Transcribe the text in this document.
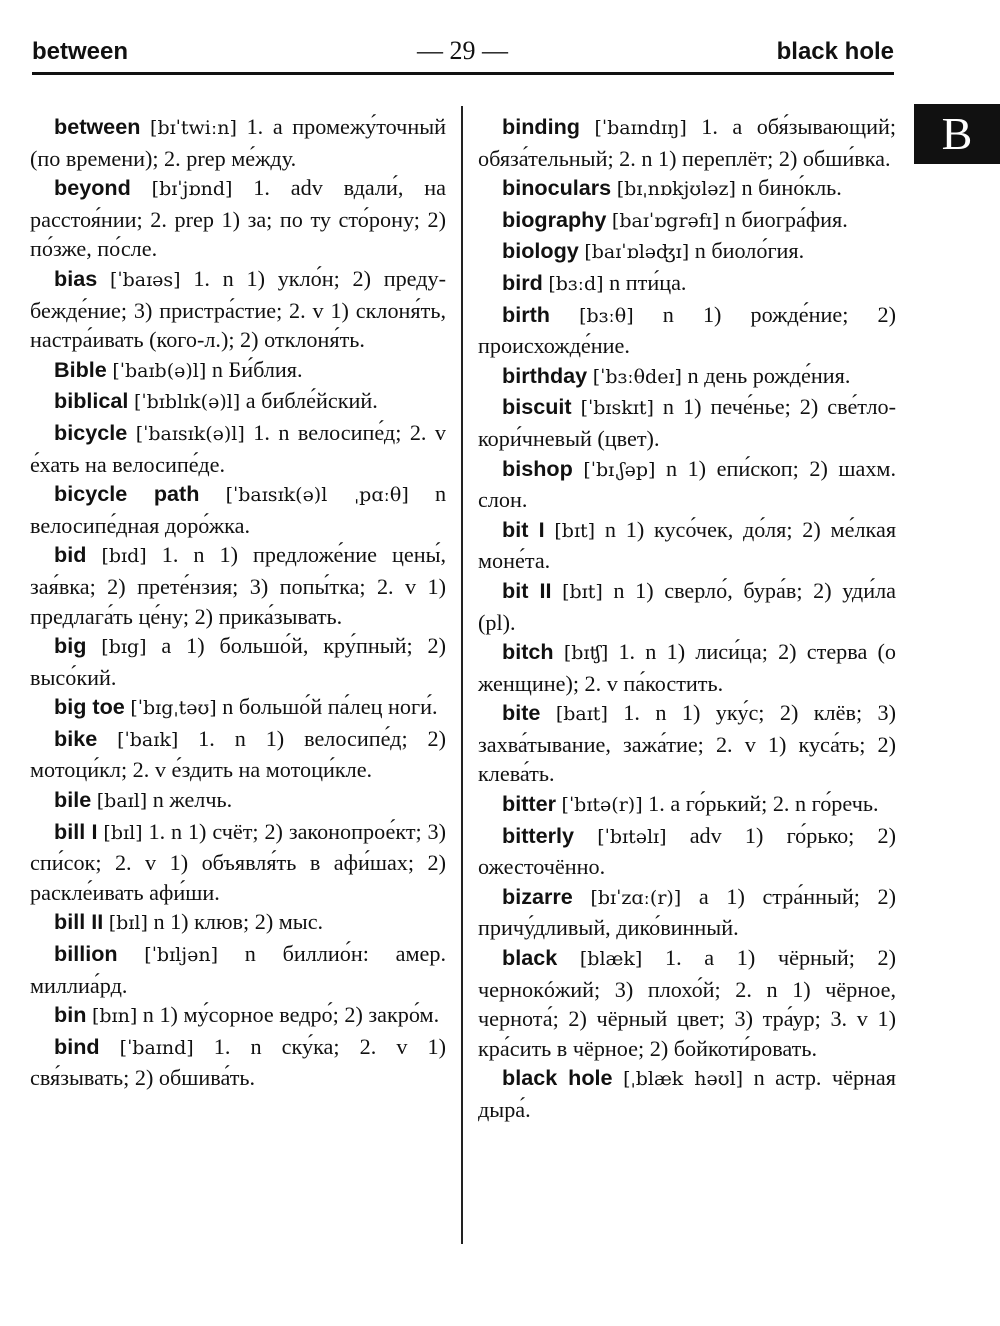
between	— 29 —	black hole
B

between [bɪˈtwiːn] 1. a промежу́точный (по времени); 2. prep ме́жду.

beyond [bɪˈjɒnd] 1. adv вдали́, на расстоя́нии; 2. prep 1) за; по ту сто́рону; 2) по́зже, по́сле.

bias [ˈbaɪəs] 1. n 1) укло́н; 2) предубежде́ние; 3) пристра́стие; 2. v 1) склоня́ть, настра́ивать (кого-л.); 2) отклоня́ть.

Bible [ˈbaɪb(ə)l] n Би́блия.

biblical [ˈbɪblɪk(ə)l] a библе́йский.

bicycle [ˈbaɪsɪk(ə)l] 1. n велосипе́д; 2. v е́хать на велосипе́де.

bicycle path [ˈbaɪsɪk(ə)l ˌpɑːθ] n велосипе́дная доро́жка.

bid [bɪd] 1. n 1) предложе́ние цены́, зая́вка; 2) прете́нзия; 3) попы́тка; 2. v 1) предлага́ть це́ну; 2) прика́зывать.

big [bɪg] a 1) большо́й, кру́пный; 2) высо́кий.

big toe [ˈbɪgˌtəʊ] n большо́й па́лец ноги́.

bike [ˈbaɪk] 1. n 1) велосипе́д; 2) мотоци́кл; 2. v е́здить на мотоци́кле.

bile [baɪl] n желчь.

bill I [bɪl] 1. n 1) счёт; 2) законопрое́кт; 3) спи́сок; 2. v 1) объявля́ть в афи́шах; 2) раскле́ивать афи́ши.

bill II [bɪl] n 1) клюв; 2) мыс.

billion [ˈbɪljən] n биллио́н: амер. миллиа́рд.

bin [bɪn] n 1) му́сорное ведро́; 2) закро́м.

bind [ˈbaɪnd] 1. n ску́ка; 2. v 1) свя́зывать; 2) обшива́ть.

binding [ˈbaɪndɪŋ] 1. a обя́зывающий; обяза́тельный; 2. n 1) переплёт; 2) обши́вка.

binoculars [bɪˌnɒkjʊləz] n бино́кль.

biography [baɪˈɒgrəfɪ] n биогра́фия.

biology [baɪˈɒləʤɪ] n биоло́гия.

bird [bɜːd] n пти́ца.

birth [bɜːθ] n 1) рожде́ние; 2) происхожде́ние.

birthday [ˈbɜːθdeɪ] n день рожде́ния.

biscuit [ˈbɪskɪt] n 1) пече́нье; 2) све́тло-кори́чневый (цвет).

bishop [ˈbɪˌʃəp] n 1) епи́скоп; 2) шахм. слон.

bit I [bɪt] n 1) кусо́чек, до́ля; 2) ме́лкая моне́та.

bit II [bɪt] n 1) сверло́, бура́в; 2) уди́ла (pl).

bitch [bɪʧ] 1. n 1) лиси́ца; 2) стерва (о женщине); 2. v па́костить.

bite [baɪt] 1. n 1) уку́с; 2) клёв; 3) захва́тывание, зажа́тие; 2. v 1) куса́ть; 2) клева́ть.

bitter [ˈbɪtə(r)] 1. a го́рький; 2. n го́речь.

bitterly [ˈbɪtəlɪ] adv 1) го́рько; 2) ожесточённо.

bizarre [bɪˈzɑː(r)] a 1) стра́нный; 2) причу́дливый, дико́винный.

black [blæk] 1. a 1) чёрный; 2) чернокóжий; 3) плохо́й; 2. n 1) чёрное, чернота́; 2) чёрный цвет; 3) тра́ур; 3. v 1) кра́сить в чёрное; 2) бойкоти́ровать.

black hole [ˌblæk həʊl] n астр. чёрная дыра́.
